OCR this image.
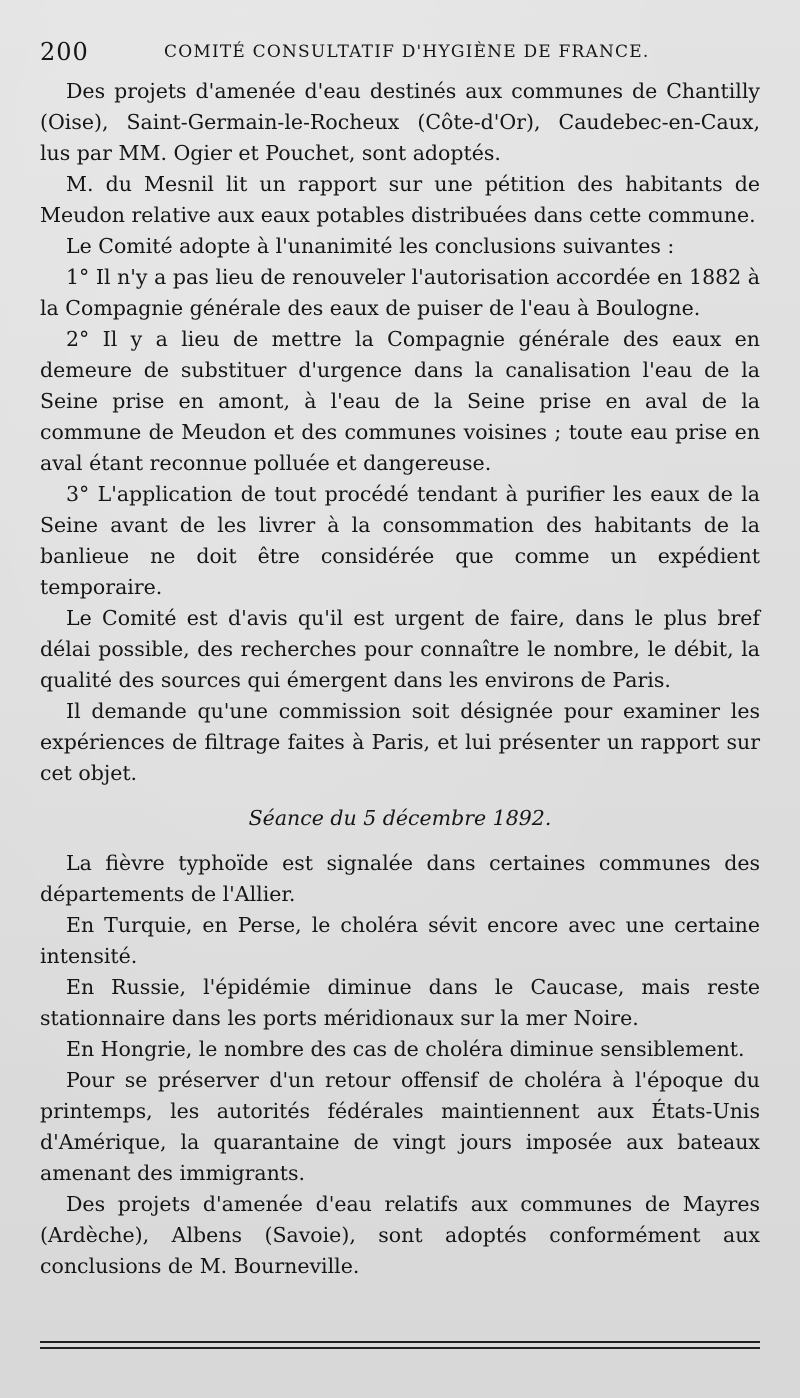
200	COMITÉ CONSULTATIF D'HYGIÈNE DE FRANCE.

Des projets d'amenée d'eau destinés aux communes de Chantilly (Oise), Saint-Germain-le-Rocheux (Côte-d'Or), Caudebec-en-Caux, lus par MM. Ogier et Pouchet, sont adoptés.

M. du Mesnil lit un rapport sur une pétition des habitants de Meudon relative aux eaux potables distribuées dans cette commune.

Le Comité adopte à l'unanimité les conclusions suivantes :

1° Il n'y a pas lieu de renouveler l'autorisation accordée en 1882 à la Compagnie générale des eaux de puiser de l'eau à Boulogne.

2° Il y a lieu de mettre la Compagnie générale des eaux en demeure de substituer d'urgence dans la canalisation l'eau de la Seine prise en amont, à l'eau de la Seine prise en aval de la commune de Meudon et des communes voisines ; toute eau prise en aval étant reconnue polluée et dangereuse.

3° L'application de tout procédé tendant à purifier les eaux de la Seine avant de les livrer à la consommation des habitants de la banlieue ne doit être considérée que comme un expédient temporaire.

Le Comité est d'avis qu'il est urgent de faire, dans le plus bref délai possible, des recherches pour connaître le nombre, le débit, la qualité des sources qui émergent dans les environs de Paris.

Il demande qu'une commission soit désignée pour examiner les expériences de filtrage faites à Paris, et lui présenter un rapport sur cet objet.

Séance du 5 décembre 1892.

La fièvre typhoïde est signalée dans certaines communes des départements de l'Allier.

En Turquie, en Perse, le choléra sévit encore avec une certaine intensité.

En Russie, l'épidémie diminue dans le Caucase, mais reste stationnaire dans les ports méridionaux sur la mer Noire.

En Hongrie, le nombre des cas de choléra diminue sensiblement.

Pour se préserver d'un retour offensif de choléra à l'époque du printemps, les autorités fédérales maintiennent aux États-Unis d'Amérique, la quarantaine de vingt jours imposée aux bateaux amenant des immigrants.

Des projets d'amenée d'eau relatifs aux communes de Mayres (Ardèche), Albens (Savoie), sont adoptés conformément aux conclusions de M. Bourneville.
